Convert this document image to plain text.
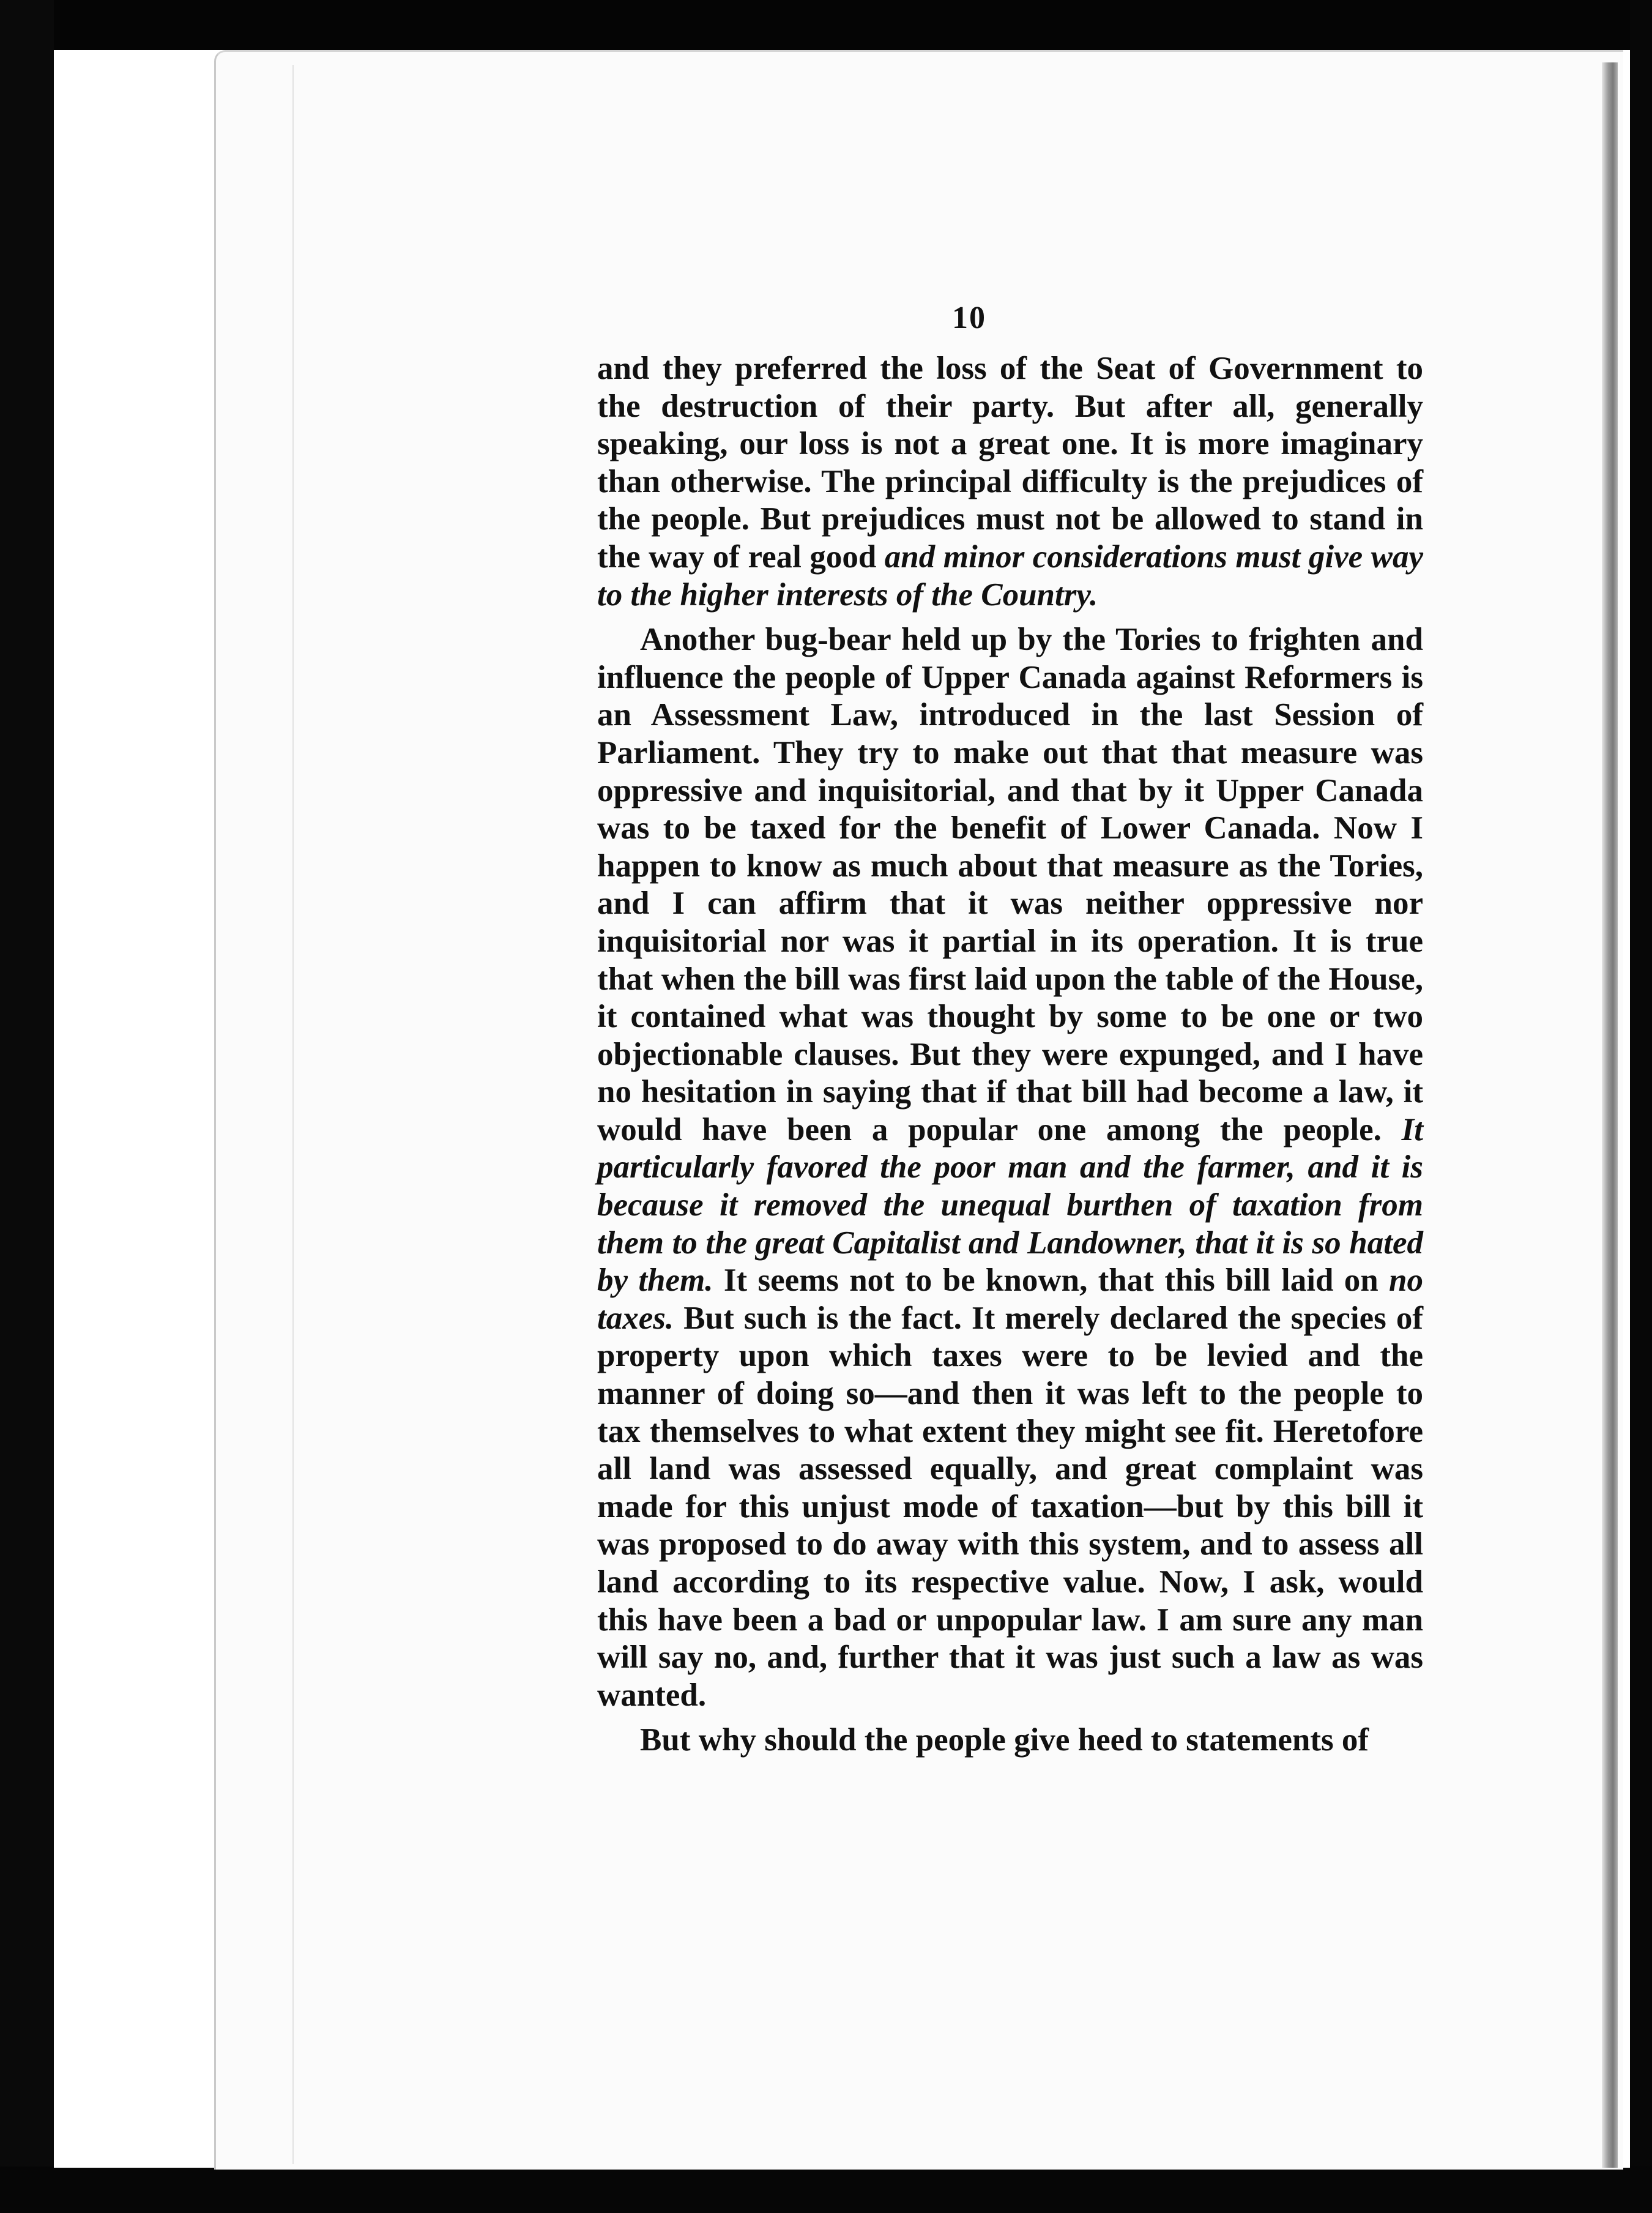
10

and they preferred the loss of the Seat of Government to the destruction of their party. But after all, generally speaking, our loss is not a great one. It is more imaginary than otherwise. The principal difficulty is the prejudices of the people. But prejudices must not be allowed to stand in the way of real good and minor considerations must give way to the higher interests of the Country.

Another bug-bear held up by the Tories to frighten and influence the people of Upper Canada against Reformers is an Assessment Law, introduced in the last Session of Parliament. They try to make out that that measure was oppressive and inquisitorial, and that by it Upper Canada was to be taxed for the benefit of Lower Canada. Now I happen to know as much about that measure as the Tories, and I can affirm that it was neither oppressive nor inquisitorial nor was it partial in its operation. It is true that when the bill was first laid upon the table of the House, it contained what was thought by some to be one or two objectionable clauses. But they were expunged, and I have no hesitation in saying that if that bill had become a law, it would have been a popular one among the people. It particularly favored the poor man and the farmer, and it is because it removed the unequal burthen of taxation from them to the great Capitalist and Landowner, that it is so hated by them. It seems not to be known, that this bill laid on no taxes. But such is the fact. It merely declared the species of property upon which taxes were to be levied and the manner of doing so—and then it was left to the people to tax themselves to what extent they might see fit. Heretofore all land was assessed equally, and great complaint was made for this unjust mode of taxation—but by this bill it was proposed to do away with this system, and to assess all land according to its respective value. Now, I ask, would this have been a bad or unpopular law. I am sure any man will say no, and, further that it was just such a law as was wanted.

But why should the people give heed to statements of
